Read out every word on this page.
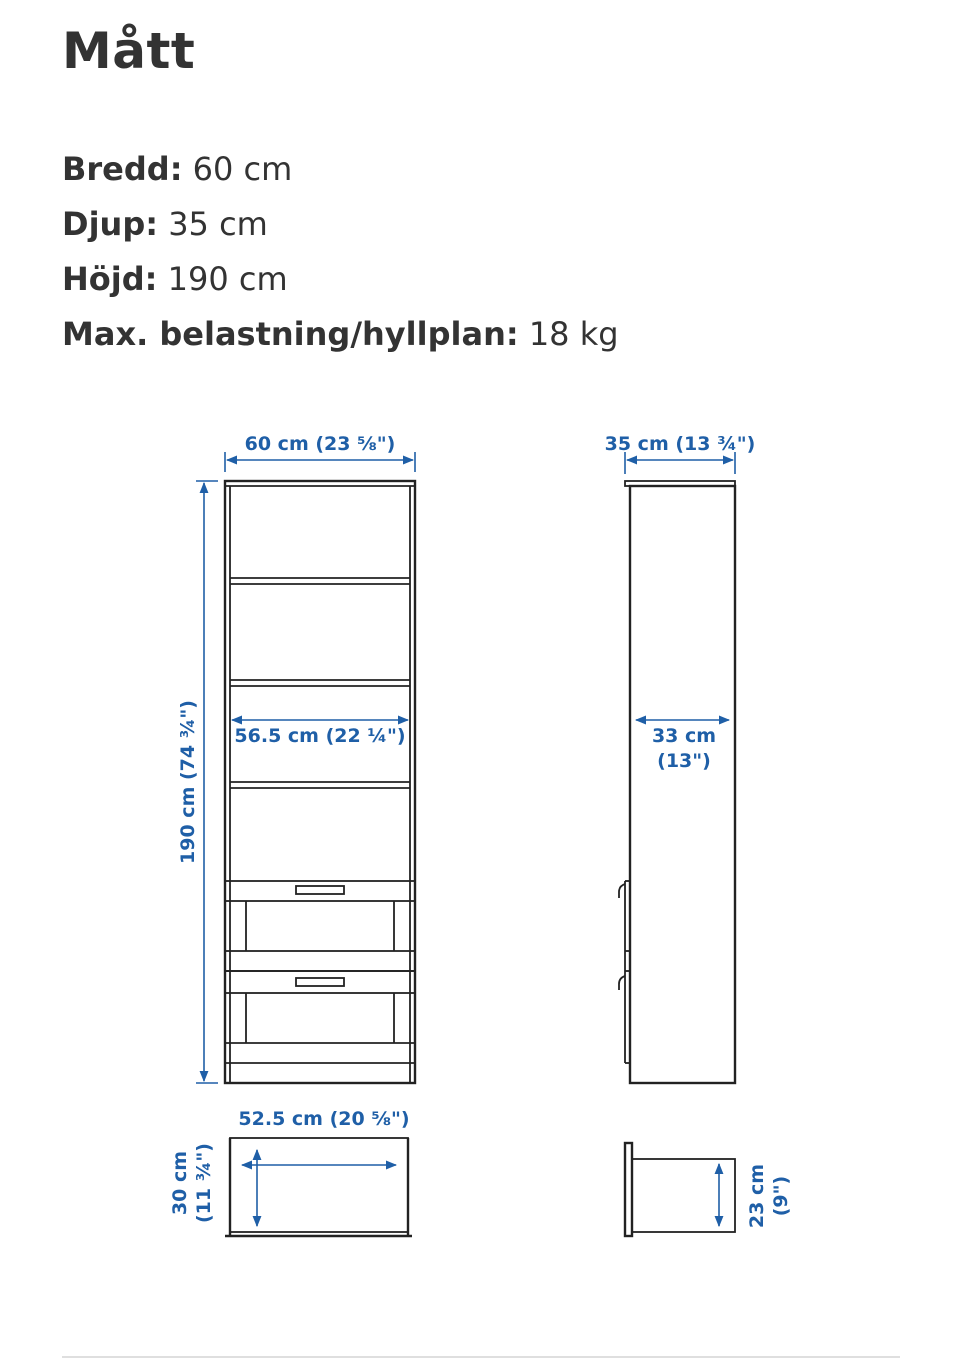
Mått
Bredd: 60 cm
Djup: 35 cm
Höjd: 190 cm
Max. belastning/hyllplan: 18 kg
60 cm (23 ⅝")
190 cm (74 ¾") 56.5 cm (22 ¼")
35 cm (13 ¾")
33 cm
(13")
52.5 cm (20 ⅝")
30 cm (11 ¾")	23 cm (9")
